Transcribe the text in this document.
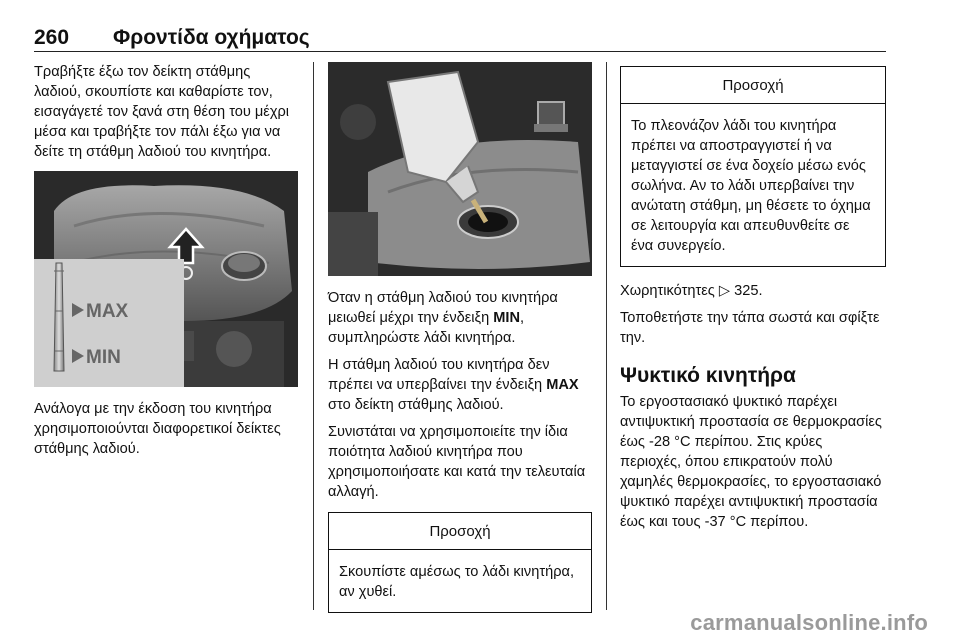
260 Φροντίδα οχήματος

Τραβήξτε έξω τον δείκτη στάθμης λαδιού, σκουπίστε και καθαρίστε τον, εισαγάγετέ τον ξανά στη θέση του μέχρι μέσα και τραβήξτε τον πάλι έξω για να δείτε τη στάθμη λαδιού του κινητήρα.

MAX
MIN

Ανάλογα με την έκδοση του κινητήρα χρησιμοποιούνται διαφορετικοί δείκτες στάθμης λαδιού.

Όταν η στάθμη λαδιού του κινητήρα μειωθεί μέχρι την ένδειξη MIN, συμπληρώστε λάδι κινητήρα.

Η στάθμη λαδιού του κινητήρα δεν πρέπει να υπερβαίνει την ένδειξη MAX στο δείκτη στάθμης λαδιού.

Συνιστάται να χρησιμοποιείτε την ίδια ποιότητα λαδιού κινητήρα που χρησιμοποιήσατε και κατά την τελευταία αλλαγή.

Προσοχή
Σκουπίστε αμέσως το λάδι κινητήρα, αν χυθεί.
Προσοχή
Το πλεονάζον λάδι του κινητήρα πρέπει να αποστραγγιστεί ή να μεταγγιστεί σε ένα δοχείο μέσω ενός σωλήνα. Αν το λάδι υπερβαίνει την ανώτατη στάθμη, μη θέσετε το όχημα σε λειτουργία και απευθυνθείτε σε ένα συνεργείο.

Χωρητικότητες ▷ 325.

Τοποθετήστε την τάπα σωστά και σφίξτε την.

Ψυκτικό κινητήρα

Το εργοστασιακό ψυκτικό παρέχει αντιψυκτική προστασία σε θερμοκρασίες έως -28 °C περίπου. Στις κρύες περιοχές, όπου επικρατούν πολύ χαμηλές θερμοκρασίες, το εργοστασιακό ψυκτικό παρέχει αντιψυκτική προστασία έως και τους -37 °C περίπου.

carmanualsonline.info
